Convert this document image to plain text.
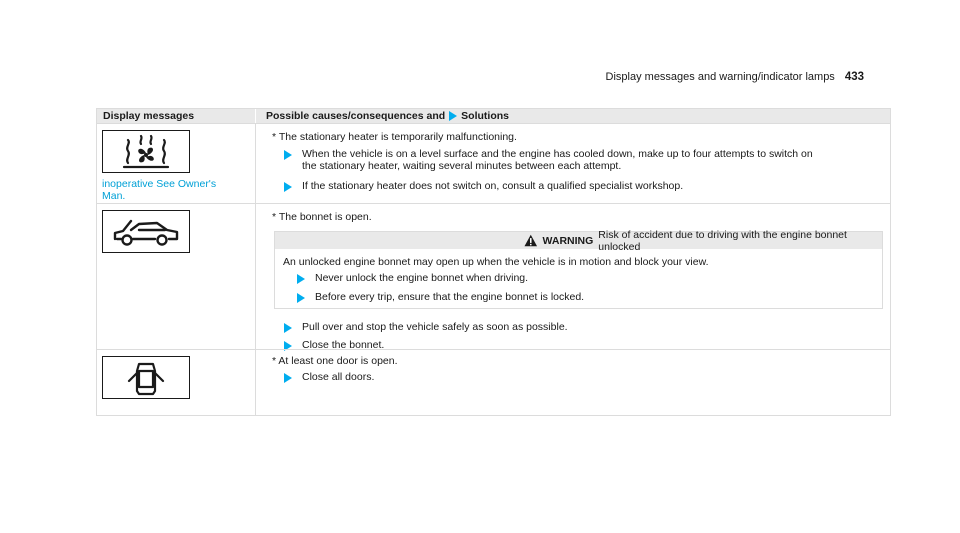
Display messages and warning/indicator lamps 433
Display messages	Possible causes/consequences and Solutions
inoperative See Owner's
Man.
* The stationary heater is temporarily malfunctioning.
When the vehicle is on a level surface and the engine has cooled down, make up to four attempts to switch on
the stationary heater, waiting several minutes between each attempt.
If the stationary heater does not switch on, consult a qualified specialist workshop.
* The bonnet is open.
WARNING Risk of accident due to driving with the engine bonnet unlocked
An unlocked engine bonnet may open up when the vehicle is in motion and block your view.
Never unlock the engine bonnet when driving.
Before every trip, ensure that the engine bonnet is locked.
Pull over and stop the vehicle safely as soon as possible.
Close the bonnet.
* At least one door is open.
Close all doors.
